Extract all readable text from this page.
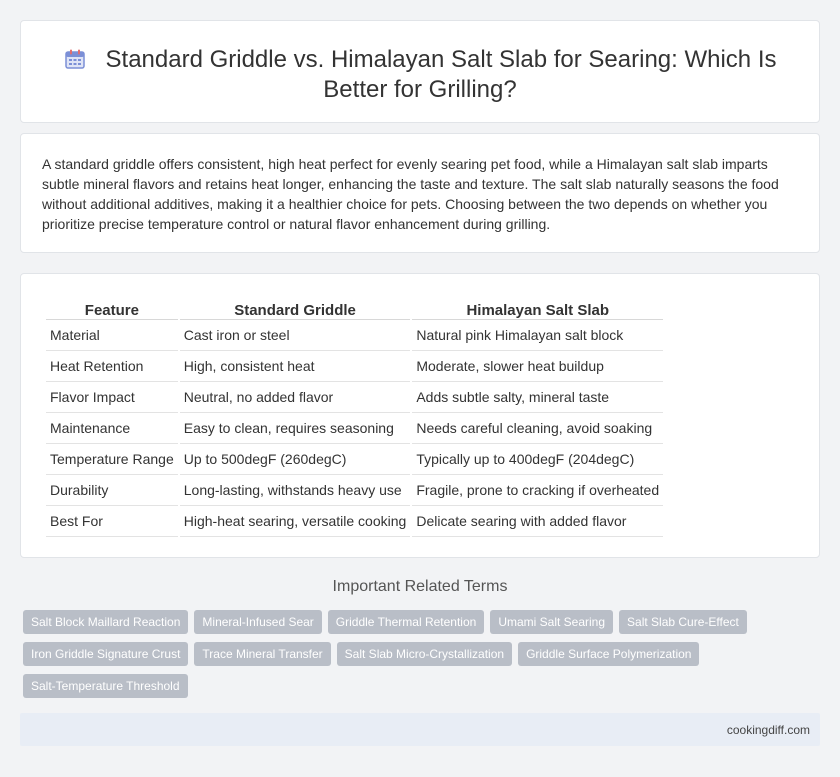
Standard Griddle vs. Himalayan Salt Slab for Searing: Which Is Better for Grilling?

A standard griddle offers consistent, high heat perfect for evenly searing pet food, while a Himalayan salt slab imparts subtle mineral flavors and retains heat longer, enhancing the taste and texture. The salt slab naturally seasons the food without additional additives, making it a healthier choice for pets. Choosing between the two depends on whether you prioritize precise temperature control or natural flavor enhancement during grilling.

Feature	Standard Griddle	Himalayan Salt Slab
Material	Cast iron or steel	Natural pink Himalayan salt block
Heat Retention	High, consistent heat	Moderate, slower heat buildup
Flavor Impact	Neutral, no added flavor	Adds subtle salty, mineral taste
Maintenance	Easy to clean, requires seasoning	Needs careful cleaning, avoid soaking
Temperature Range	Up to 500degF (260degC)	Typically up to 400degF (204degC)
Durability	Long-lasting, withstands heavy use	Fragile, prone to cracking if overheated
Best For	High-heat searing, versatile cooking	Delicate searing with added flavor
Important Related Terms
Salt Block Maillard Reaction	Mineral-Infused Sear	Griddle Thermal Retention	Umami Salt Searing	Salt Slab Cure-Effect
Iron Griddle Signature Crust	Trace Mineral Transfer	Salt Slab Micro-Crystallization	Griddle Surface Polymerization
Salt-Temperature Threshold
cookingdiff.com
